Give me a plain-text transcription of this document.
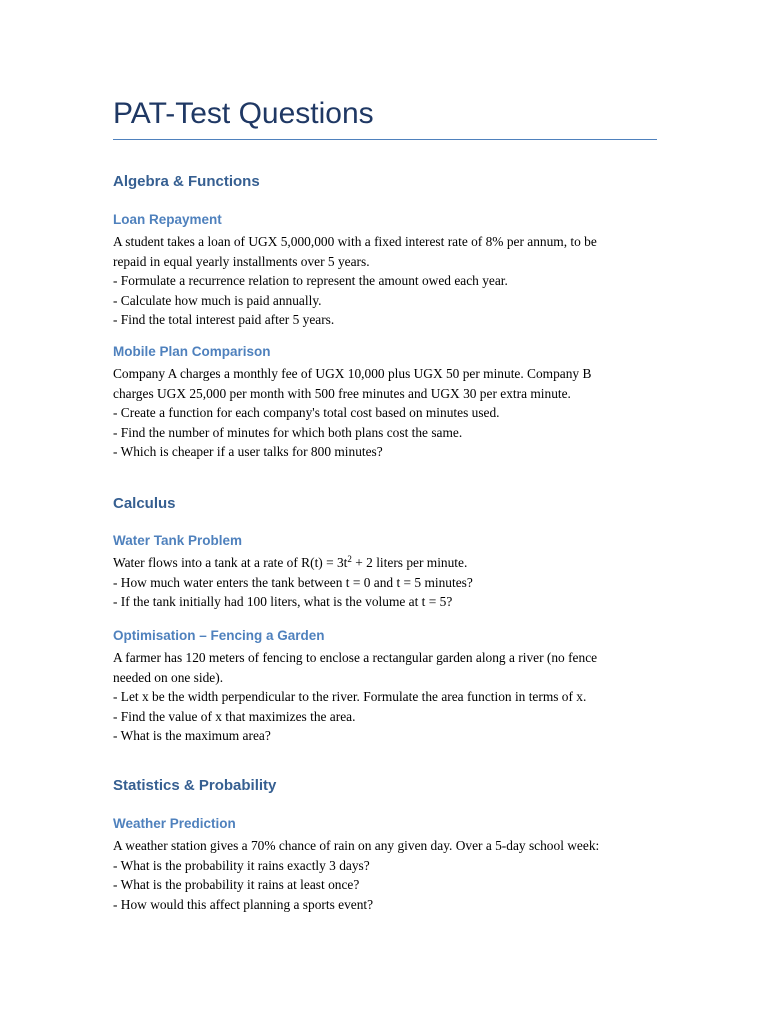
PAT-Test Questions
Algebra & Functions
Loan Repayment
A student takes a loan of UGX 5,000,000 with a fixed interest rate of 8% per annum, to be
repaid in equal yearly installments over 5 years.
- Formulate a recurrence relation to represent the amount owed each year.
- Calculate how much is paid annually.
- Find the total interest paid after 5 years.
Mobile Plan Comparison
Company A charges a monthly fee of UGX 10,000 plus UGX 50 per minute. Company B
charges UGX 25,000 per month with 500 free minutes and UGX 30 per extra minute.
- Create a function for each company's total cost based on minutes used.
- Find the number of minutes for which both plans cost the same.
- Which is cheaper if a user talks for 800 minutes?
Calculus
Water Tank Problem
Water flows into a tank at a rate of $R(t) = 3t^2 + 2$ liters per minute.
- How much water enters the tank between t = 0 and t = 5 minutes?
- If the tank initially had 100 liters, what is the volume at t = 5?
Optimisation – Fencing a Garden
A farmer has 120 meters of fencing to enclose a rectangular garden along a river (no fence
needed on one side).
- Let x be the width perpendicular to the river. Formulate the area function in terms of x.
- Find the value of x that maximizes the area.
- What is the maximum area?
Statistics & Probability
Weather Prediction
A weather station gives a 70% chance of rain on any given day. Over a 5-day school week:
- What is the probability it rains exactly 3 days?
- What is the probability it rains at least once?
- How would this affect planning a sports event?
